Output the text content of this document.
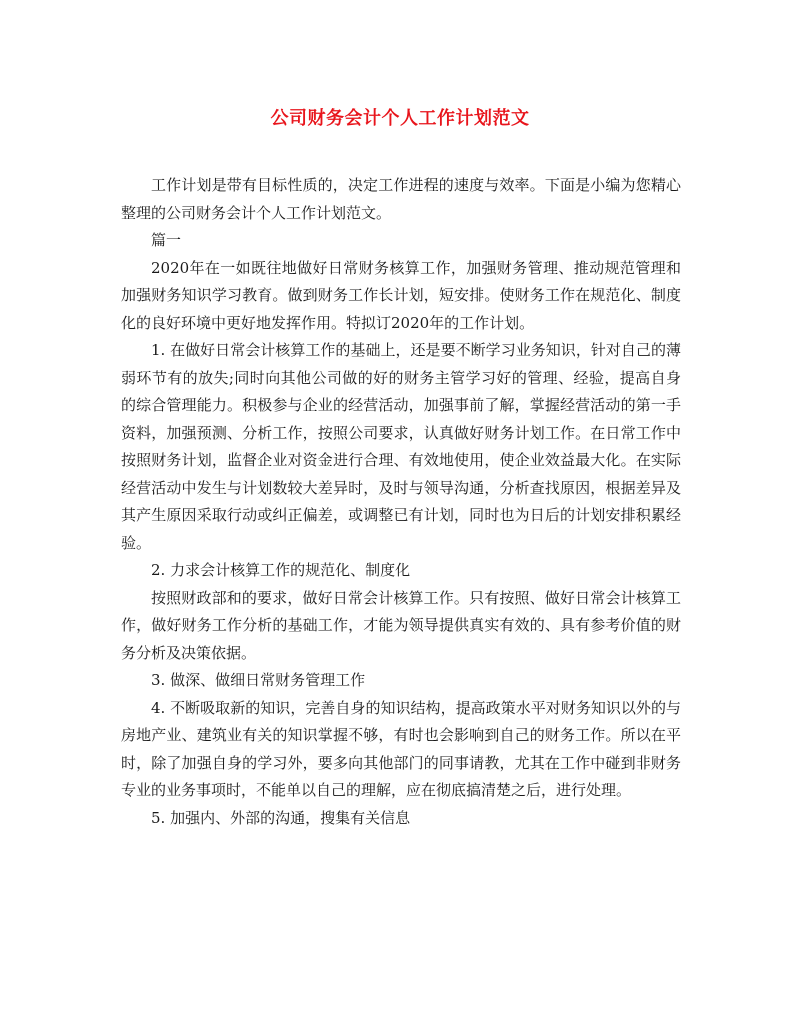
公司财务会计个人工作计划范文

工作计划是带有目标性质的，决定工作进程的速度与效率。下面是小编为您精心整理的公司财务会计个人工作计划范文。

篇一

2020年在一如既往地做好日常财务核算工作，加强财务管理、推动规范管理和加强财务知识学习教育。做到财务工作长计划，短安排。使财务工作在规范化、制度化的良好环境中更好地发挥作用。特拟订2020年的工作计划。

1. 在做好日常会计核算工作的基础上，还是要不断学习业务知识，针对自己的薄弱环节有的放失;同时向其他公司做的好的财务主管学习好的管理、经验，提高自身的综合管理能力。积极参与企业的经营活动，加强事前了解，掌握经营活动的第一手资料，加强预测、分析工作，按照公司要求，认真做好财务计划工作。在日常工作中按照财务计划，监督企业对资金进行合理、有效地使用，使企业效益最大化。在实际经营活动中发生与计划数较大差异时，及时与领导沟通，分析查找原因，根据差异及其产生原因采取行动或纠正偏差，或调整已有计划，同时也为日后的计划安排积累经验。

2. 力求会计核算工作的规范化、制度化

按照财政部和的要求，做好日常会计核算工作。只有按照、做好日常会计核算工作，做好财务工作分析的基础工作，才能为领导提供真实有效的、具有参考价值的财务分析及决策依据。

3. 做深、做细日常财务管理工作

4. 不断吸取新的知识，完善自身的知识结构，提高政策水平对财务知识以外的与房地产业、建筑业有关的知识掌握不够，有时也会影响到自己的财务工作。所以在平时，除了加强自身的学习外，要多向其他部门的同事请教，尤其在工作中碰到非财务专业的业务事项时，不能单以自己的理解，应在彻底搞清楚之后，进行处理。

5. 加强内、外部的沟通，搜集有关信息
